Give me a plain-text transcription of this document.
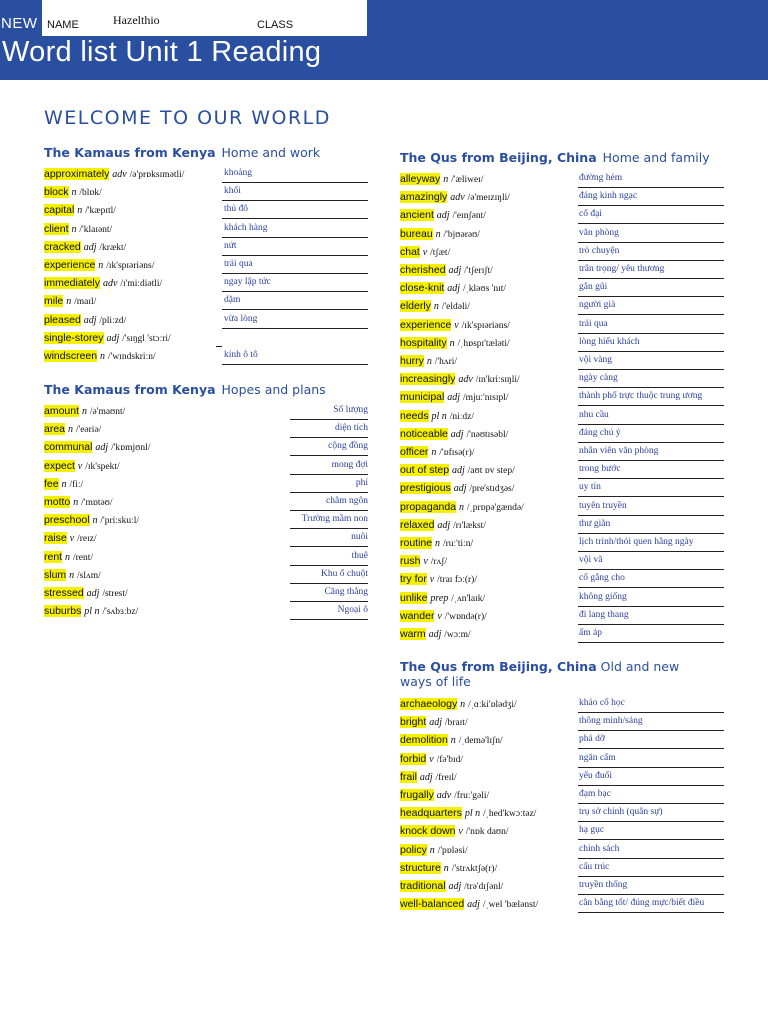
NEW NAME	Hazelthio	CLASS
Word list Unit 1 Reading
WELCOME TO OUR WORLD
The Kamaus from Kenya Home and work
The Kamaus from Kenya Hopes and plans
The Qus from Beijing, China Home and family
The Qus from Beijing, China Old and new ways of life
approximately adv /ə'prɒksɪmətli/	khoảng
block n /blɒk/	khối
capital n /'kæpɪtl/	thủ đô
client n /'klaɪənt/	khách hàng
cracked adj /krækt/	nứt
experience n /ɪk'spɪəriəns/	trải qua
immediately adv /ɪ'miːdiətli/	ngay lập tức
mile n /maɪl/	dặm
pleased adj /pliːzd/	vừa lòng
single-storey adj /'sɪŋgl 'stɔːri/
windscreen n /'wɪndskriːn/	kính ô tô
amount n /ə'maʊnt/	Số lượng
area n /'eəriə/	diện tích
communal adj /'kɒmjʊnl/	cộng đồng
expect v /ɪk'spekt/	mong đợi
fee n /fiː/	phí
motto n /'mɒtəʊ/	châm ngôn
preschool n /'priːskuːl/	Trường mầm non
raise v /reɪz/	nuôi
rent n /rent/	thuê
slum n /slʌm/	Khu ổ chuột
stressed adj /strest/	Căng thẳng
suburbs pl n /'sʌbɜːbz/	Ngoại ô
alleyway n /'æliweɪ/	đường hẻm
amazingly adv /ə'meɪzɪŋli/	đáng kinh ngạc
ancient adj /'eɪnʃənt/	cổ đại
bureau n /'bjʊərəʊ/	văn phòng
chat v /tʃæt/	trò chuyện
cherished adj /'tʃerɪʃt/	trân trọng/ yêu thương
close-knit adj /ˌkləʊs 'nɪt/	gắn gũi
elderly n /'eldəli/	người già
experience v /ɪk'spɪəriəns/	trải qua
hospitality n /ˌhɒspɪ'tæləti/	lòng hiếu khách
hurry n /'hʌri/	vội vàng
increasingly adv /ɪn'kriːsɪŋli/	ngày càng
municipal adj /mjuː'nɪsɪpl/	thành phố trực thuộc trung ương
needs pl n /niːdz/	nhu cầu
noticeable adj /'nəʊtɪsəbl/	đáng chú ý
officer n /'ɒfɪsə(r)/	nhân viên văn phòng
out of step adj /aʊt ɒv step/	trong bước
prestigious adj /pre'stɪdʒəs/	uy tín
propaganda n /ˌprɒpə'gændə/	tuyên truyền
relaxed adj /rɪ'lækst/	thư giãn
routine n /ruː'tiːn/	lịch trình/thói quen hằng ngày
rush v /rʌʃ/	vội vã
try for v /traɪ fɔː(r)/	cố gắng cho
unlike prep /ˌʌn'laɪk/	không giống
wander v /'wɒndə(r)/	đi lang thang
warm adj /wɔːm/	ấm áp
archaeology n /ˌɑːki'ɒlədʒi/	khảo cổ học
bright adj /braɪt/	thông minh/sáng
demolition n /ˌdemə'lɪʃn/	phá dỡ
forbid v /fə'bɪd/	ngăn cấm
frail adj /freɪl/	yếu đuối
frugally adv /fruː'gəli/	đạm bạc
headquarters pl n /ˌhed'kwɔːtəz/	trụ sở chính (quân sự)
knock down v /'nɒk daʊn/	hạ gục
policy n /'pɒləsi/	chính sách
structure n /'strʌktʃə(r)/	cấu trúc
traditional adj /trə'dɪʃənl/	truyền thống
well-balanced adj /ˌwel 'bælənst/	cân bằng tốt/ đúng mực/biết điều
